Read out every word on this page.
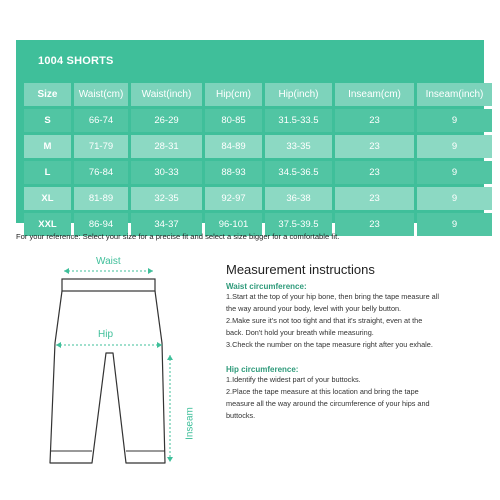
1004 SHORTS
Size	Waist(cm)	Waist(inch)	Hip(cm)	Hip(inch)	Inseam(cm)	Inseam(inch)
S	66-74	26-29	80-85	31.5-33.5	23	9
M	71-79	28-31	84-89	33-35	23	9
L	76-84	30-33	88-93	34.5-36.5	23	9
XL	81-89	32-35	92-97	36-38	23	9
XXL	86-94	34-37	96-101	37.5-39.5	23	9
For your reference: Select your size for a precise fit and select a size bigger for a comfortable fit.
Waist
Hip
Inseam
Measurement instructions
Waist circumference:
1.Start at the top of your hip bone, then bring the tape measure all
the way around your body, level with your belly button.
2.Make sure it's not too tight and that it's straight, even at the
back. Don't hold your breath while measuring.
3.Check the number on the tape measure right after you exhale.
Hip circumference:
1.Identify the widest part of your buttocks.
2.Place the tape measure at this location and bring the tape
measure all the way around the circumference of your hips and
buttocks.
